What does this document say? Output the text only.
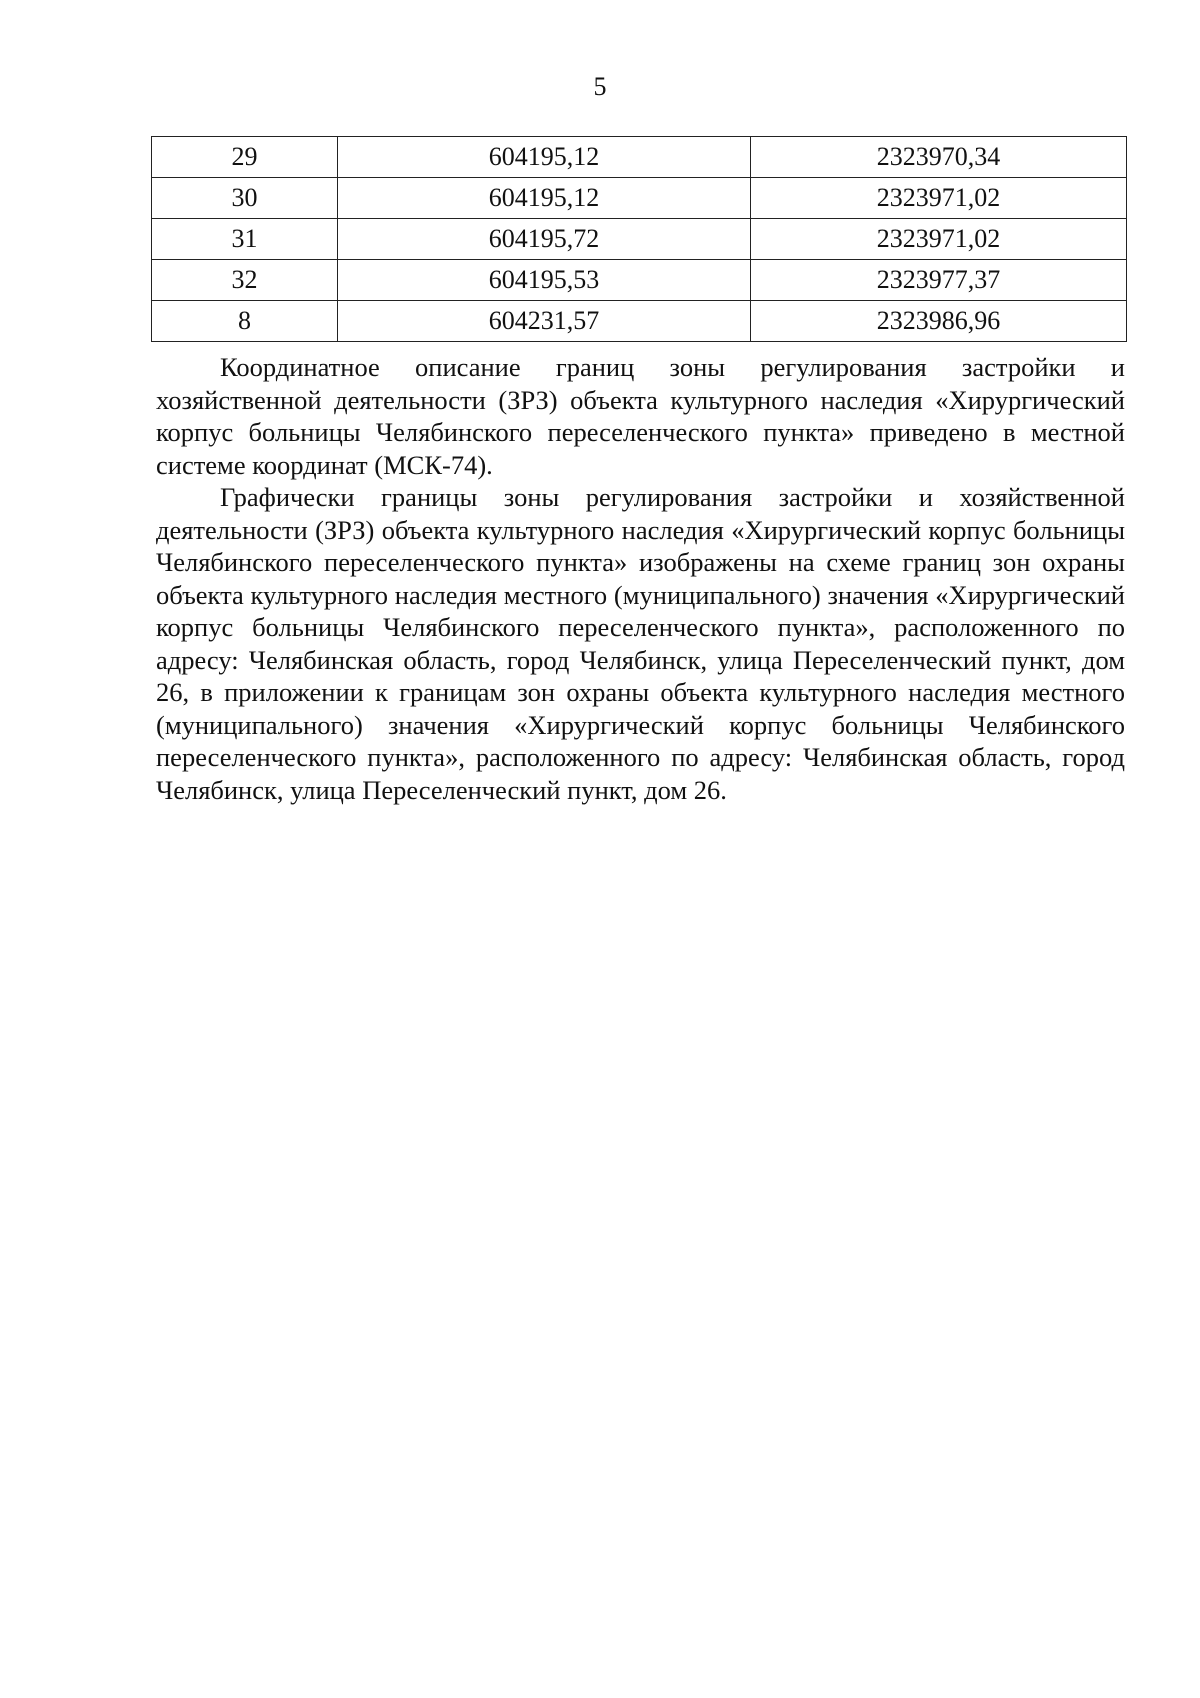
5
29	604195,12	2323970,34
30	604195,12	2323971,02
31	604195,72	2323971,02
32	604195,53	2323977,37
8	604231,57	2323986,96

Координатное описание границ зоны регулирования застройки и хозяйственной деятельности (ЗРЗ) объекта культурного наследия «Хирургический корпус больницы Челябинского переселенческого пункта» приведено в местной системе координат (МСК-74).

Графически границы зоны регулирования застройки и хозяйственной деятельности (ЗРЗ) объекта культурного наследия «Хирургический корпус больницы Челябинского переселенческого пункта» изображены на схеме границ зон охраны объекта культурного наследия местного (муниципального) значения «Хирургический корпус больницы Челябинского переселенческого пункта», расположенного по адресу: Челябинская область, город Челябинск, улица Переселенческий пункт, дом 26, в приложении к границам зон охраны объекта культурного наследия местного (муниципального) значения «Хирургический корпус больницы Челябинского переселенческого пункта», расположенного по адресу: Челябинская область, город Челябинск, улица Переселенческий пункт, дом 26.
